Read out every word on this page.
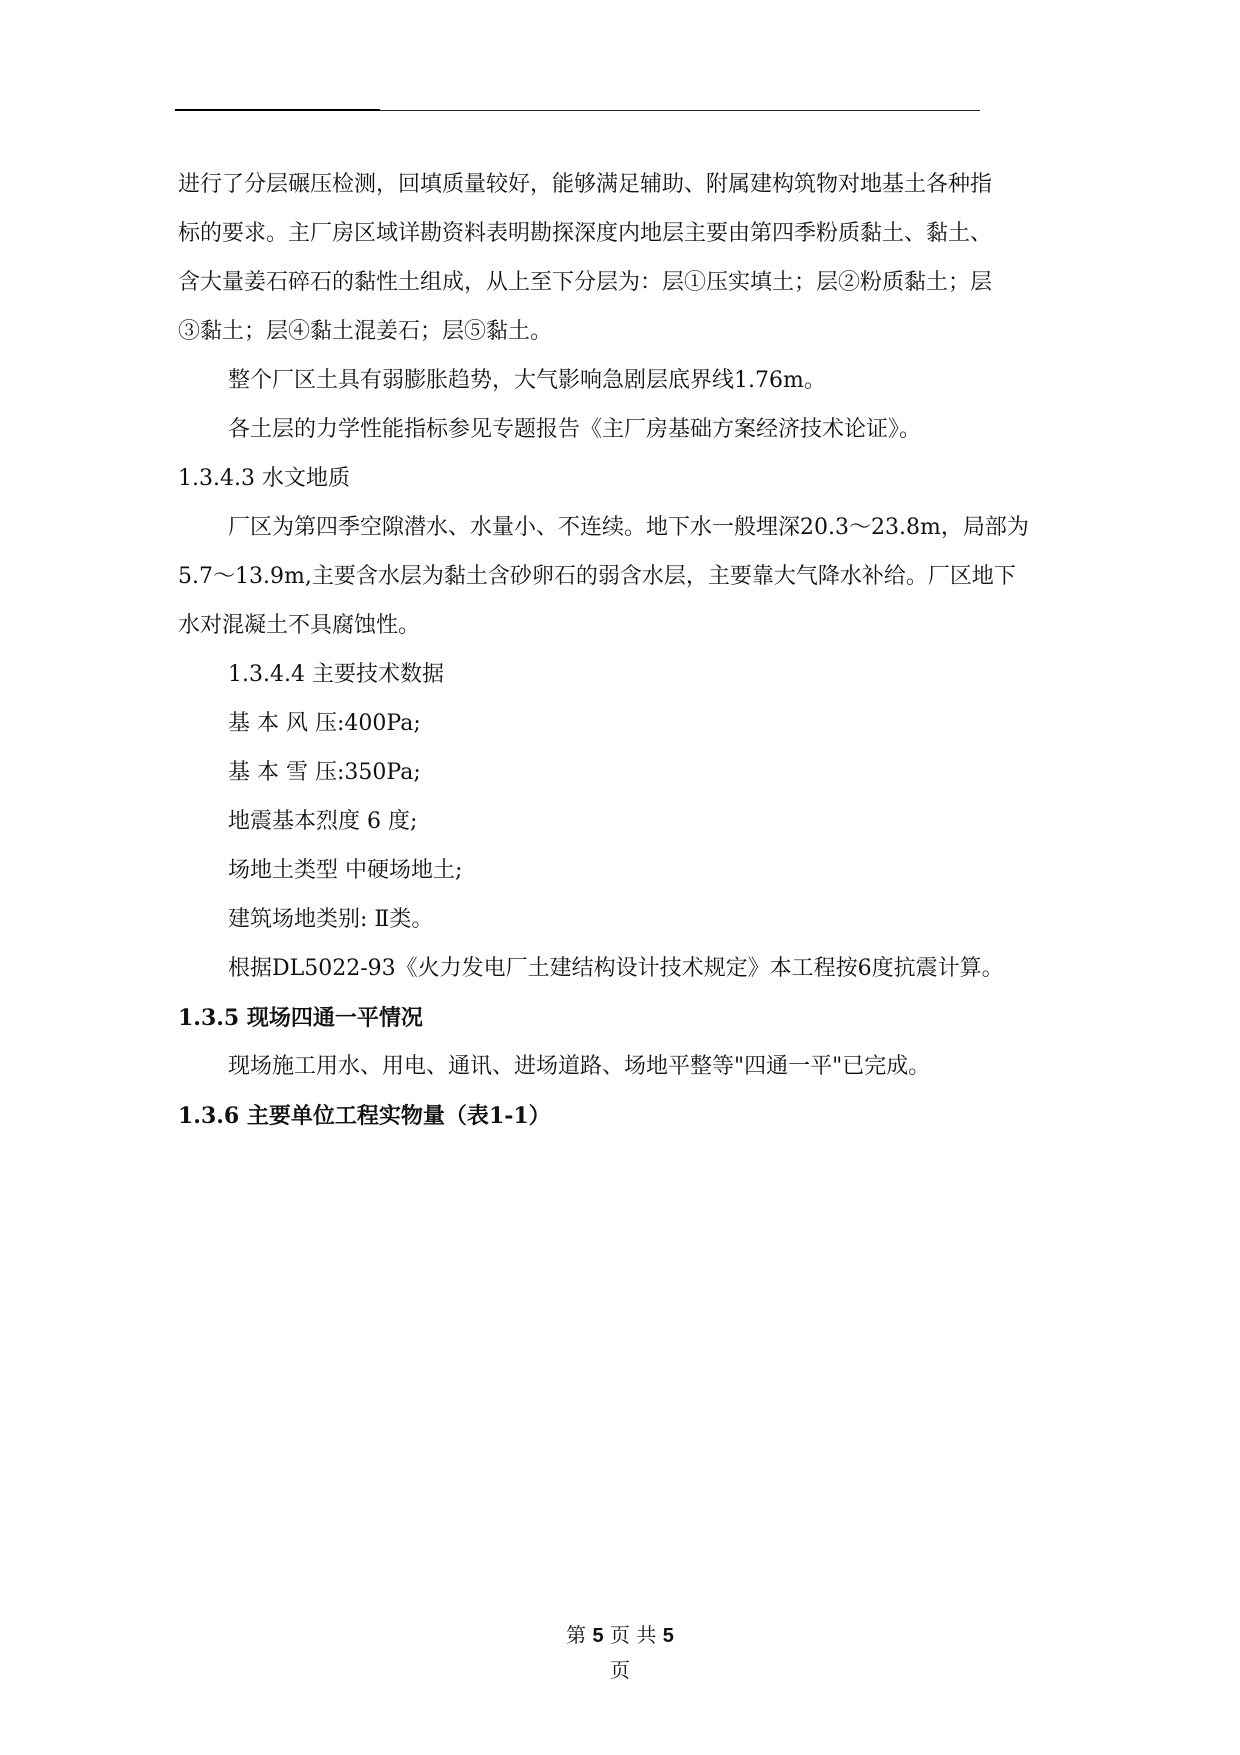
进行了分层碾压检测，回填质量较好，能够满足辅助、附属建构筑物对地基土各种指
标的要求。主厂房区域详勘资料表明勘探深度内地层主要由第四季粉质黏土、黏土、
含大量姜石碎石的黏性土组成，从上至下分层为：层①压实填土；层②粉质黏土；层
③黏土；层④黏土混姜石；层⑤黏土。
整个厂区土具有弱膨胀趋势，大气影响急剧层底界线1.76m。
各土层的力学性能指标参见专题报告《主厂房基础方案经济技术论证》。
1.3.4.3 水文地质
厂区为第四季空隙潜水、水量小、不连续。地下水一般埋深20.3～23.8m，局部为
5.7～13.9m,主要含水层为黏土含砂卵石的弱含水层，主要靠大气降水补给。厂区地下
水对混凝土不具腐蚀性。
1.3.4.4 主要技术数据
基 本 风 压:400Pa;
基 本 雪 压:350Pa;
地震基本烈度 6 度;
场地土类型 中硬场地土;
建筑场地类别: Ⅱ类。
根据DL5022-93《火力发电厂土建结构设计技术规定》本工程按6度抗震计算。
1.3.5 现场四通一平情况
现场施工用水、用电、通讯、进场道路、场地平整等"四通一平"已完成。
1.3.6 主要单位工程实物量（表1-1）
第 5 页 共 5
页
